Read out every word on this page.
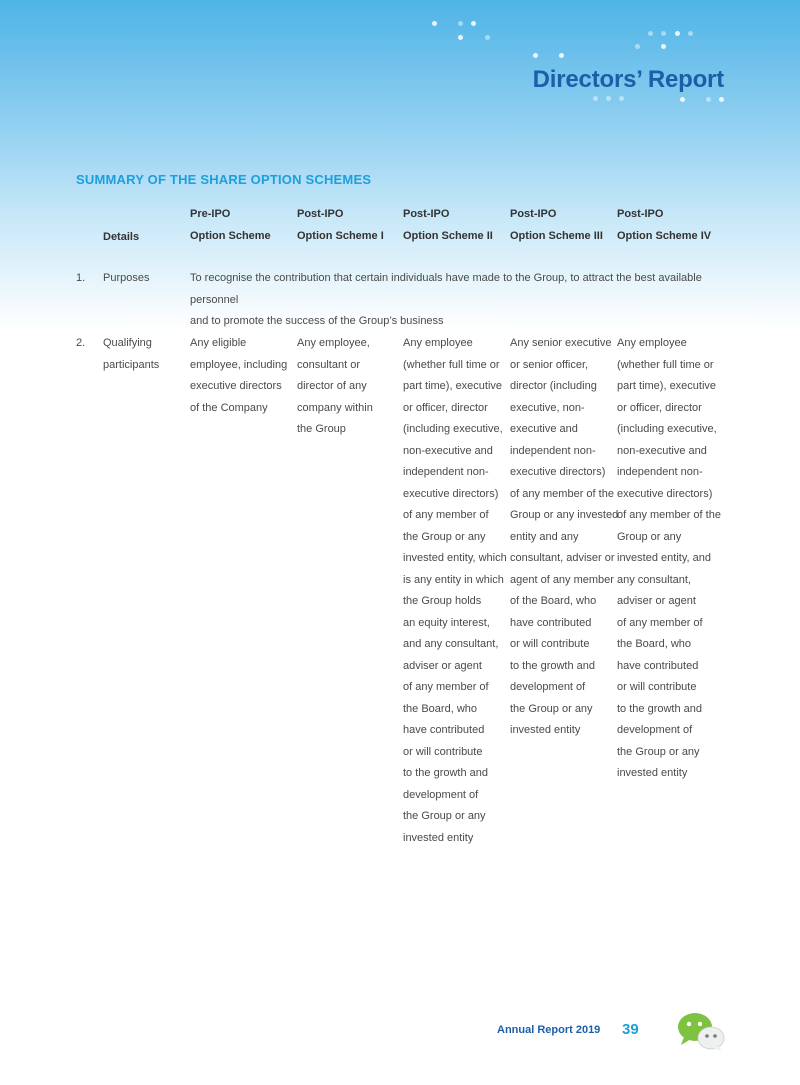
Directors’ Report
SUMMARY OF THE SHARE OPTION SCHEMES
Details
Pre-IPO
Option Scheme
Post-IPO
Option Scheme I
Post-IPO
Option Scheme II
Post-IPO
Option Scheme III
Post-IPO
Option Scheme IV
1. Purposes	To recognise the contribution that certain individuals have made to the Group, to attract the best available personnel
and to promote the success of the Group’s business
2. Qualifying
participants
Any eligible
employee, including
executive directors
of the Company
Any employee,
consultant or
director of any
company within
the Group
Any employee
(whether full time or
part time), executive
or officer, director
(including executive,
non-executive and
independent non-
executive directors)
of any member of
the Group or any
invested entity, which
is any entity in which
the Group holds
an equity interest,
and any consultant,
adviser or agent
of any member of
the Board, who
have contributed
or will contribute
to the growth and
development of
the Group or any
invested entity
Any senior executive
or senior officer,
director (including
executive, non-
executive and
independent non-
executive directors)
of any member of the
Group or any invested
entity and any
consultant, adviser or
agent of any member
of the Board, who
have contributed
or will contribute
to the growth and
development of
the Group or any
invested entity
Any employee
(whether full time or
part time), executive
or officer, director
(including executive,
non-executive and
independent non-
executive directors)
of any member of the
Group or any
invested entity, and
any consultant,
adviser or agent
of any member of
the Board, who
have contributed
or will contribute
to the growth and
development of
the Group or any
invested entity
Annual Report 2019 39
